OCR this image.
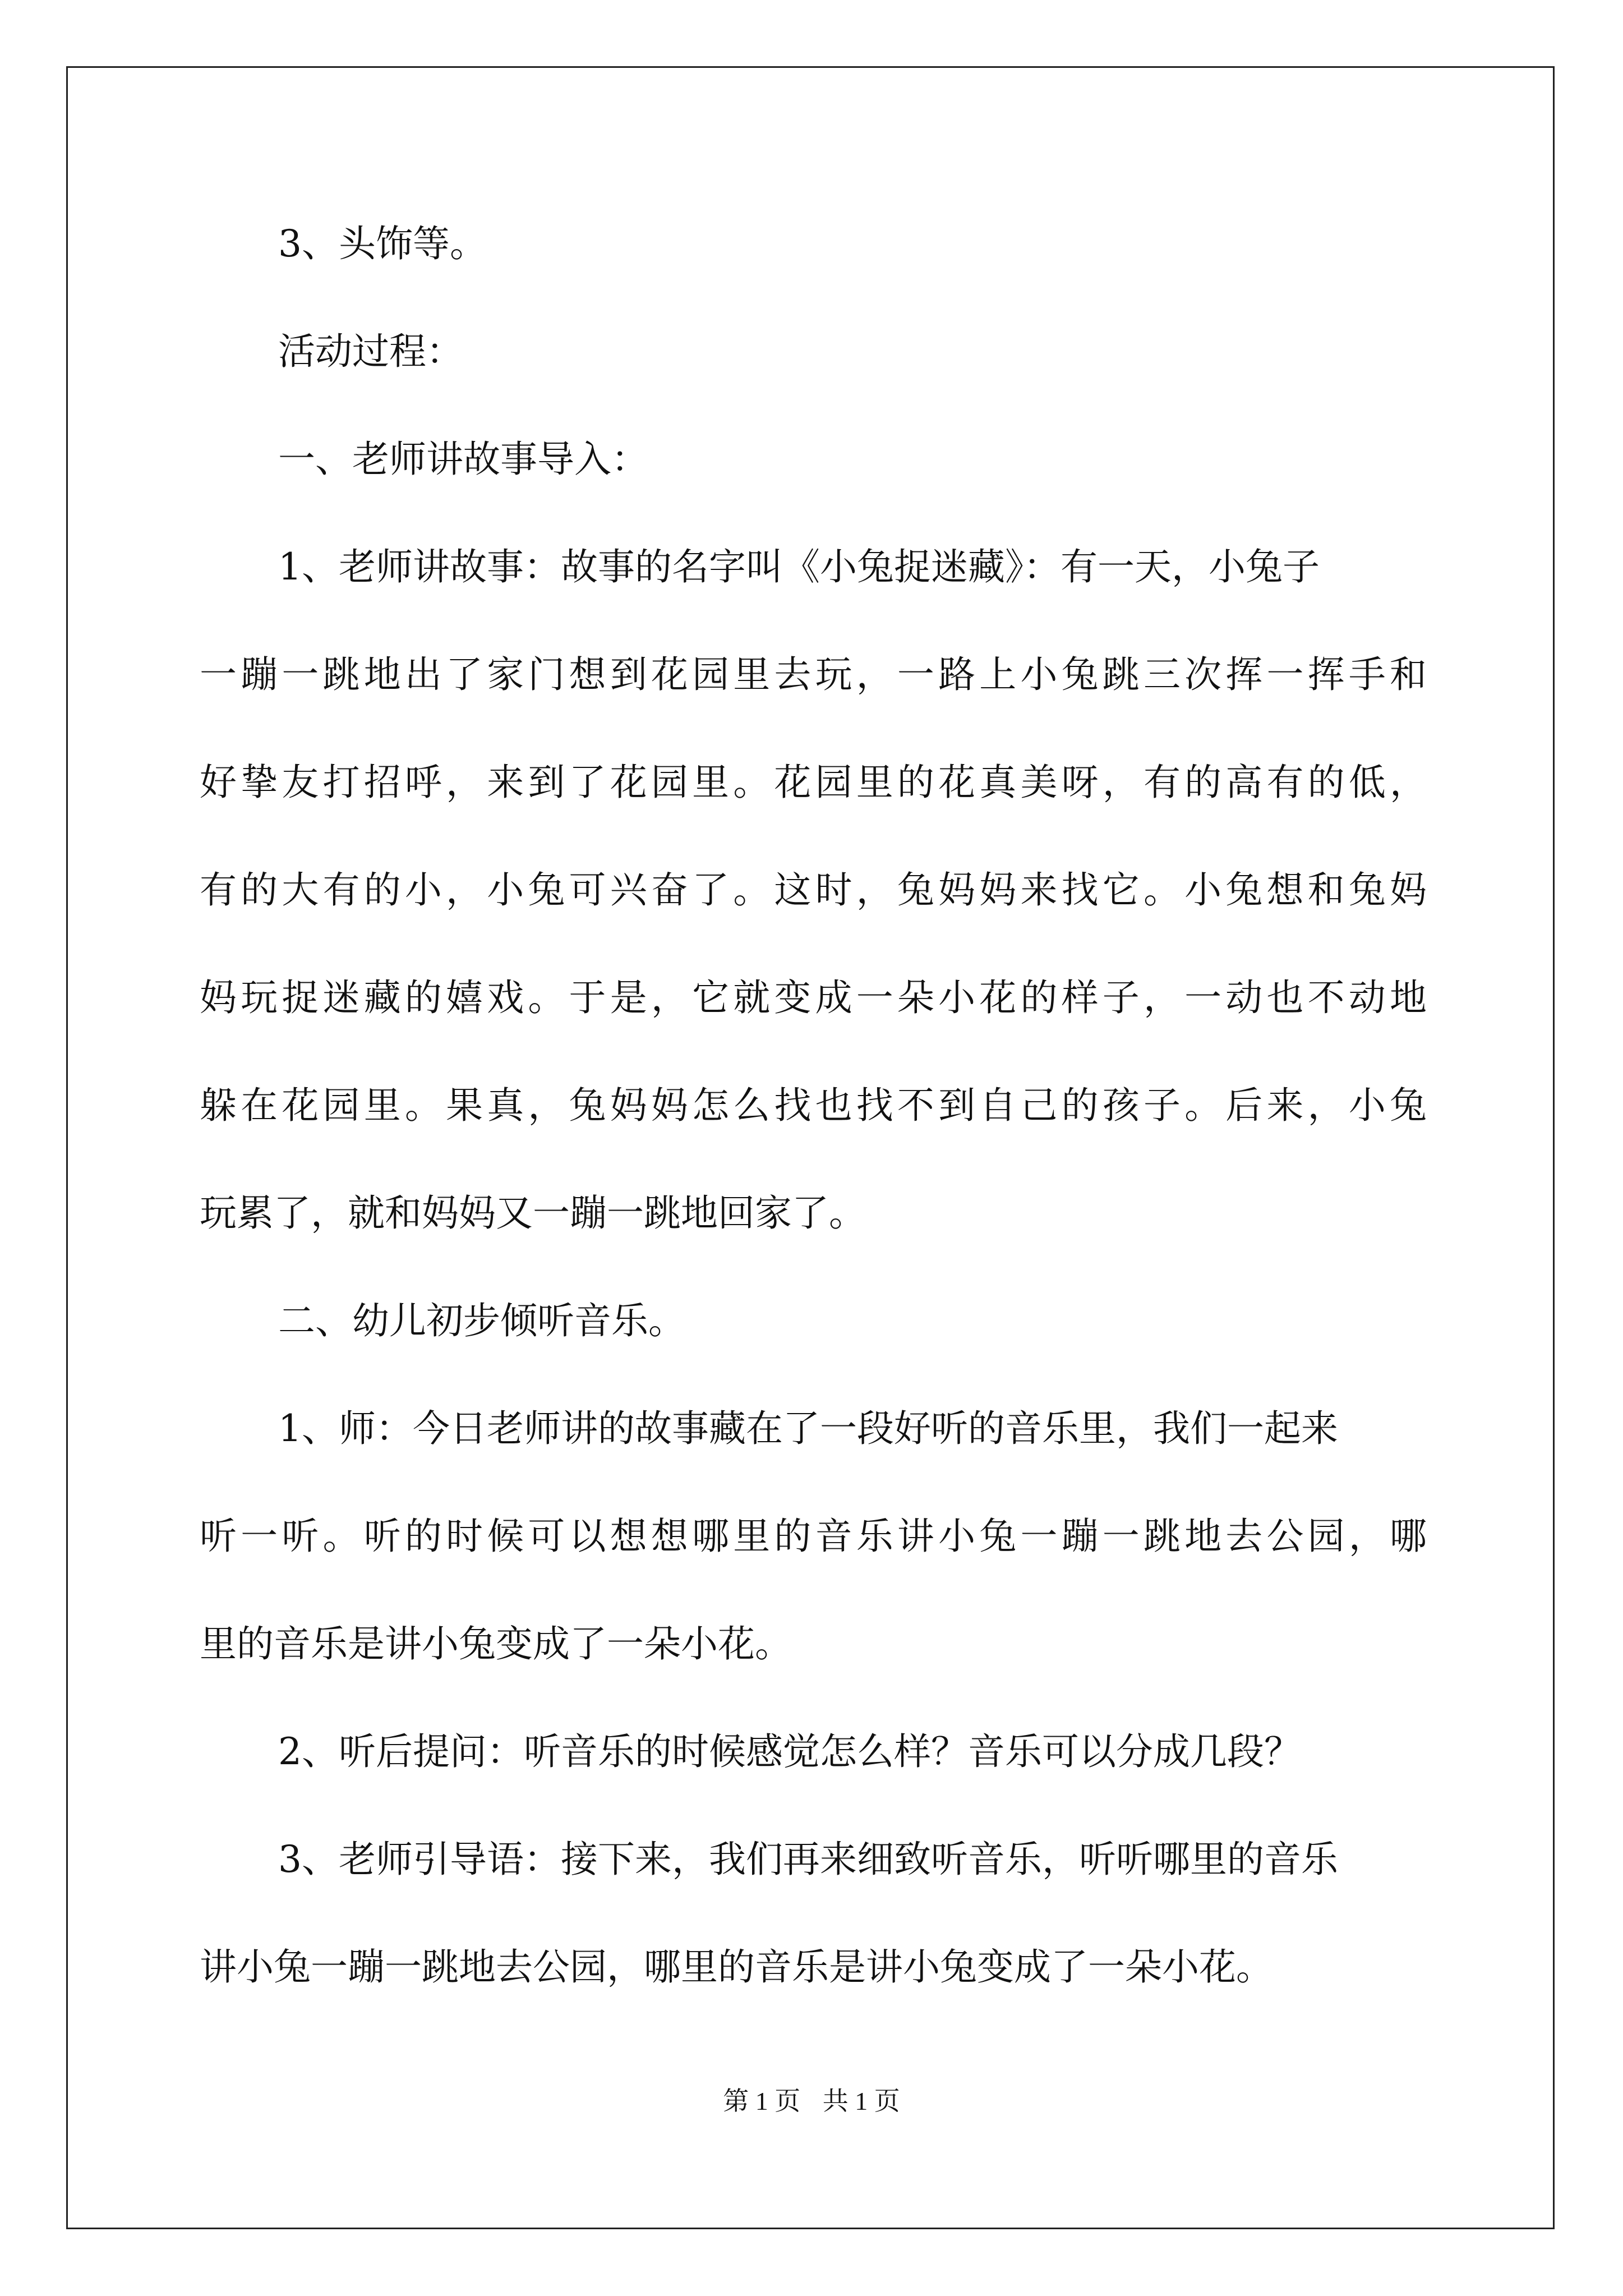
3、头饰等。
活动过程：
一、老师讲故事导入：
1、老师讲故事：故事的名字叫《小兔捉迷藏》：有一天，小兔子
一蹦一跳地出了家门想到花园里去玩，一路上小兔跳三次挥一挥手和
好挚友打招呼，来到了花园里。花园里的花真美呀，有的高有的低，
有的大有的小，小兔可兴奋了。这时，兔妈妈来找它。小兔想和兔妈
妈玩捉迷藏的嬉戏。于是，它就变成一朵小花的样子，一动也不动地
躲在花园里。果真，兔妈妈怎么找也找不到自己的孩子。后来，小兔
玩累了，就和妈妈又一蹦一跳地回家了。
二、幼儿初步倾听音乐。
1、师：今日老师讲的故事藏在了一段好听的音乐里，我们一起来
听一听。听的时候可以想想哪里的音乐讲小兔一蹦一跳地去公园，哪
里的音乐是讲小兔变成了一朵小花。
2、听后提问：听音乐的时候感觉怎么样？音乐可以分成几段？
3、老师引导语：接下来，我们再来细致听音乐，听听哪里的音乐
讲小兔一蹦一跳地去公园，哪里的音乐是讲小兔变成了一朵小花。
第 1 页 共 1 页
